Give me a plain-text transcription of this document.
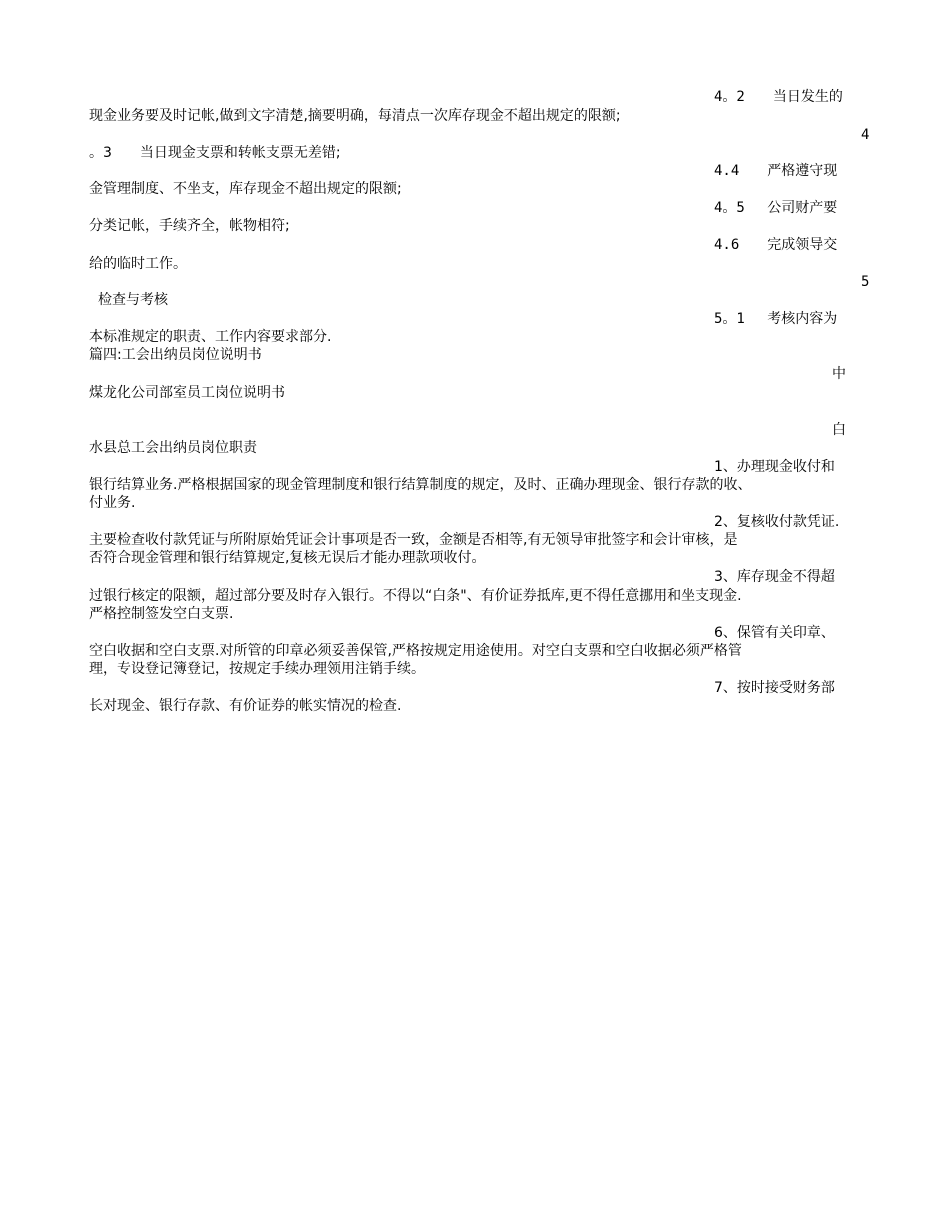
4。2　　当日发生的
现金业务要及时记帐,做到文字清楚,摘要明确，每清点一次库存现金不超出规定的限额;
4
。3　　当日现金支票和转帐支票无差错;
4.4　　严格遵守现
金管理制度、不坐支，库存现金不超出规定的限额;
4。5　 公司财产要
分类记帐，手续齐全，帐物相符;
4.6　　完成领导交
给的临时工作。
5
检查与考核
5。1　 考核内容为
本标准规定的职责、工作内容要求部分.
篇四:工会出纳员岗位说明书
中
煤龙化公司部室员工岗位说明书
白
水县总工会出纳员岗位职责
1、办理现金收付和
银行结算业务.严格根据国家的现金管理制度和银行结算制度的规定，及时、正确办理现金、银行存款的收、
付业务.
2、复核收付款凭证.
主要检查收付款凭证与所附原始凭证会计事项是否一致，金额是否相等,有无领导审批签字和会计审核，是
否符合现金管理和银行结算规定,复核无误后才能办理款项收付。
3、库存现金不得超
过银行核定的限额，超过部分要及时存入银行。不得以“白条"、有价证券抵库,更不得任意挪用和坐支现金.
严格控制签发空白支票.
6、保管有关印章、
空白收据和空白支票.对所管的印章必须妥善保管,严格按规定用途使用。对空白支票和空白收据必须严格管
理，专设登记簿登记，按规定手续办理领用注销手续。
7、按时接受财务部
长对现金、银行存款、有价证券的帐实情况的检查.
